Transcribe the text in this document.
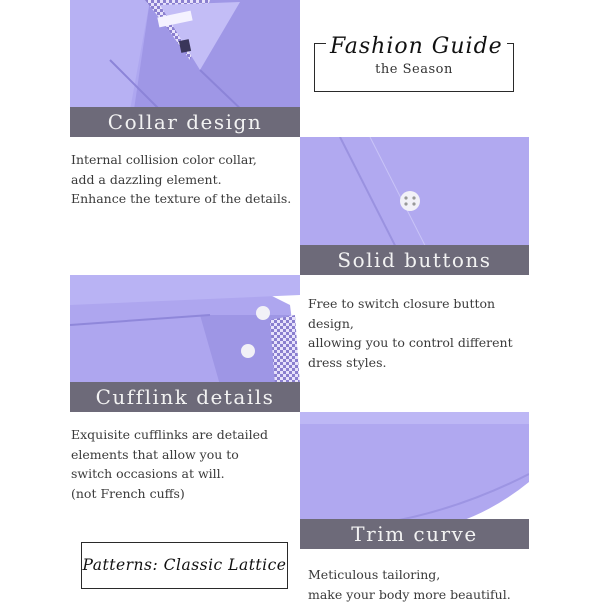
Fashion Guide
the Season
Collar design
Internal collision color collar,
add a dazzling element.
Enhance the texture of the details.
Solid buttons
Free to switch closure button
design,
allowing you to control different
dress styles.
Cufflink details
Exquisite cufflinks are detailed
elements that allow you to
switch occasions at will.
(not French cuffs)
Trim curve
Meticulous tailoring,
make your body more beautiful.
Patterns: Classic Lattice
